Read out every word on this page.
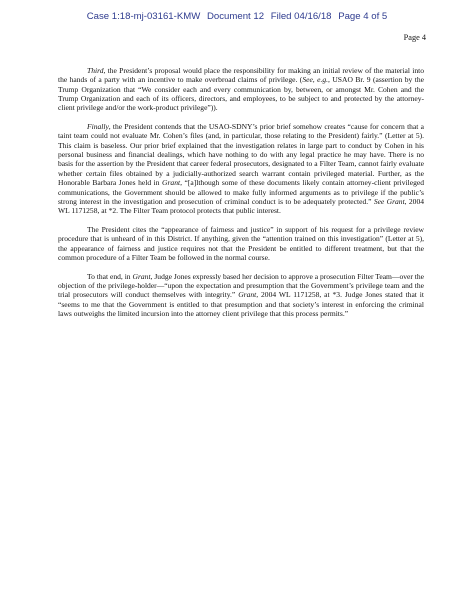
Case 1:18-mj-03161-KMW Document 12 Filed 04/16/18 Page 4 of 5
Page 4

Third, the President’s proposal would place the responsibility for making an initial review of the material into the hands of a party with an incentive to make overbroad claims of privilege. (See, e.g., USAO Br. 9 (assertion by the Trump Organization that “We consider each and every communication by, between, or amongst Mr. Cohen and the Trump Organization and each of its officers, directors, and employees, to be subject to and protected by the attorney-client privilege and/or the work-product privilege”)).

Finally, the President contends that the USAO-SDNY’s prior brief somehow creates “cause for concern that a taint team could not evaluate Mr. Cohen’s files (and, in particular, those relating to the President) fairly.” (Letter at 5). This claim is baseless. Our prior brief explained that the investigation relates in large part to conduct by Cohen in his personal business and financial dealings, which have nothing to do with any legal practice he may have. There is no basis for the assertion by the President that career federal prosecutors, designated to a Filter Team, cannot fairly evaluate whether certain files obtained by a judicially-authorized search warrant contain privileged material. Further, as the Honorable Barbara Jones held in Grant, “[a]lthough some of these documents likely contain attorney-client privileged communications, the Government should be allowed to make fully informed arguments as to privilege if the public’s strong interest in the investigation and prosecution of criminal conduct is to be adequately protected.” See Grant, 2004 WL 1171258, at *2. The Filter Team protocol protects that public interest.

The President cites the “appearance of fairness and justice” in support of his request for a privilege review procedure that is unheard of in this District. If anything, given the “attention trained on this investigation” (Letter at 5), the appearance of fairness and justice requires not that the President be entitled to different treatment, but that the common procedure of a Filter Team be followed in the normal course.

To that end, in Grant, Judge Jones expressly based her decision to approve a prosecution Filter Team—over the objection of the privilege-holder—“upon the expectation and presumption that the Government’s privilege team and the trial prosecutors will conduct themselves with integrity.” Grant, 2004 WL 1171258, at *3. Judge Jones stated that it “seems to me that the Government is entitled to that presumption and that society’s interest in enforcing the criminal laws outweighs the limited incursion into the attorney client privilege that this process permits.”
